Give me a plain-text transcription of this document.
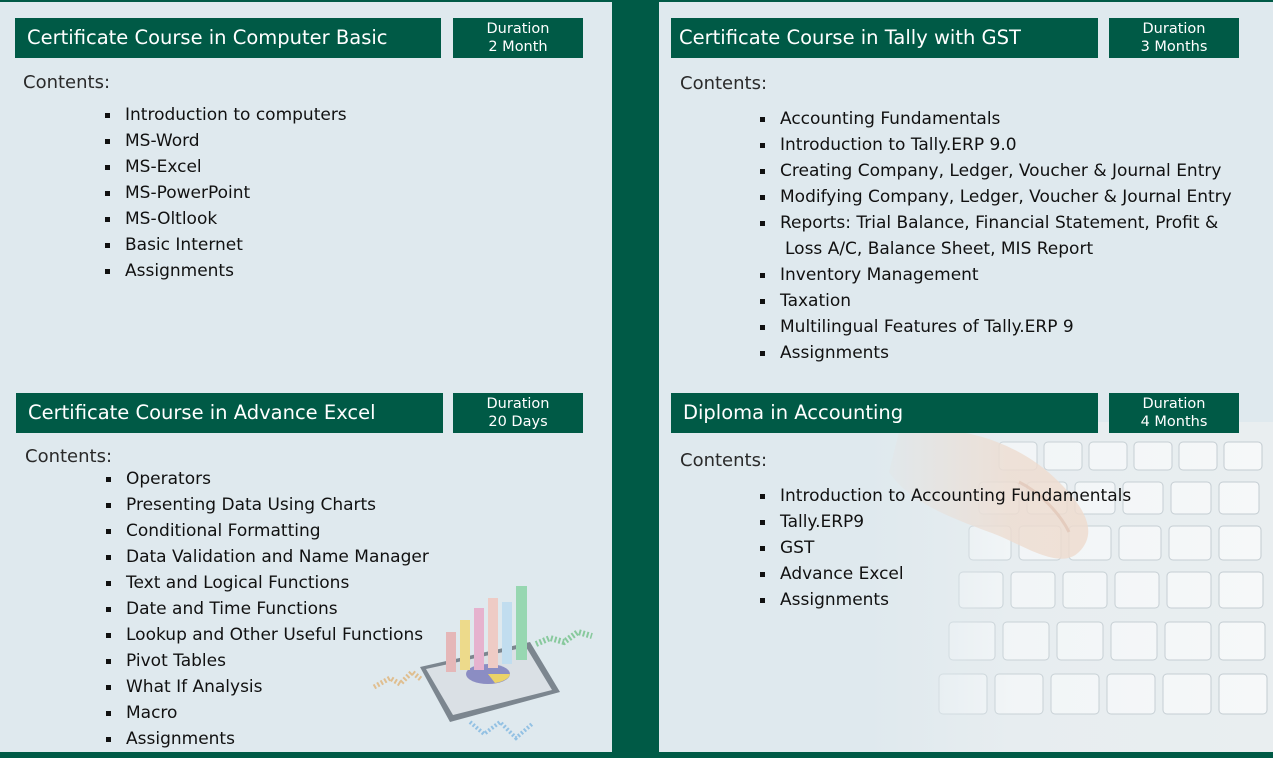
Certificate Course in Computer Basic	Duration
2 Month
Contents:
Introduction to computers
MS-Word
MS-Excel
MS-PowerPoint
MS-Oltlook
Basic Internet
Assignments
Certificate Course in Advance Excel	Duration
20 Days
Contents:
Operators
Presenting Data Using Charts
Conditional Formatting
Data Validation and Name Manager
Text and Logical Functions
Date and Time Functions
Lookup and Other Useful Functions
Pivot Tables
What If Analysis
Macro
Assignments
Certificate Course in Tally with GST	Duration
3 Months
Contents:
Accounting Fundamentals
Introduction to Tally.ERP 9.0
Creating Company, Ledger, Voucher & Journal Entry
Modifying Company, Ledger, Voucher & Journal Entry
Reports: Trial Balance, Financial Statement, Profit &
Loss A/C, Balance Sheet, MIS Report
Inventory Management
Taxation
Multilingual Features of Tally.ERP 9
Assignments
Diploma in Accounting	Duration
4 Months
Contents:
Introduction to Accounting Fundamentals
Tally.ERP9
GST
Advance Excel
Assignments
